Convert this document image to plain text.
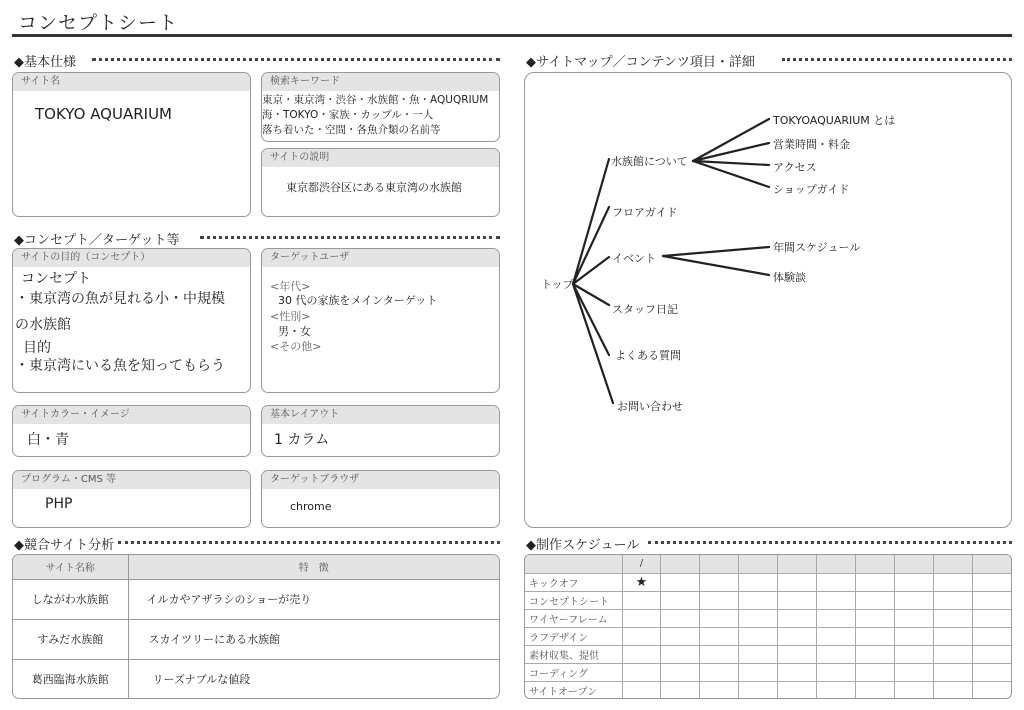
コンセプトシート
◆基本仕様
サイト名
TOKYO AQUARIUM
検索キーワード
東京・東京湾・渋谷・水族館・魚・AQUQRIUM
海・TOKYO・家族・カップル・一人
落ち着いた・空間・各魚介類の名前等
サイトの説明
東京都渋谷区にある東京湾の水族館
◆コンセプト／ターゲット等
サイトの目的（コンセプト）
コンセプト
・東京湾の魚が見れる小・中規模
の水族館
目的
・東京湾にいる魚を知ってもらう
ターゲットユーザ
<年代>
30 代の家族をメインターゲット
<性別>
男・女
<その他>
サイトカラー・イメージ
白・青
基本レイアウト
1 カラム
プログラム・CMS 等
PHP
ターゲットブラウザ
chrome
◆競合サイト分析
サイト名称	特　徴
しながわ水族館	イルカやアザラシのショーが売り
すみだ水族館	スカイツリーにある水族館
葛西臨海水族館	リーズナブルな値段
◆サイトマップ／コンテンツ項目・詳細
トップ
水族館について
フロアガイド
イベント
スタッフ日記
よくある質問
お問い合わせ
TOKYOAQUARIUM とは
営業時間・料金
アクセス
ショップガイド
年間スケジュール
体験談
◆制作スケジュール
	/									
キックオフ	★									
コンセプトシート										
ワイヤーフレーム										
ラフデザイン										
素材収集、提供										
コーディング										
サイトオープン										
